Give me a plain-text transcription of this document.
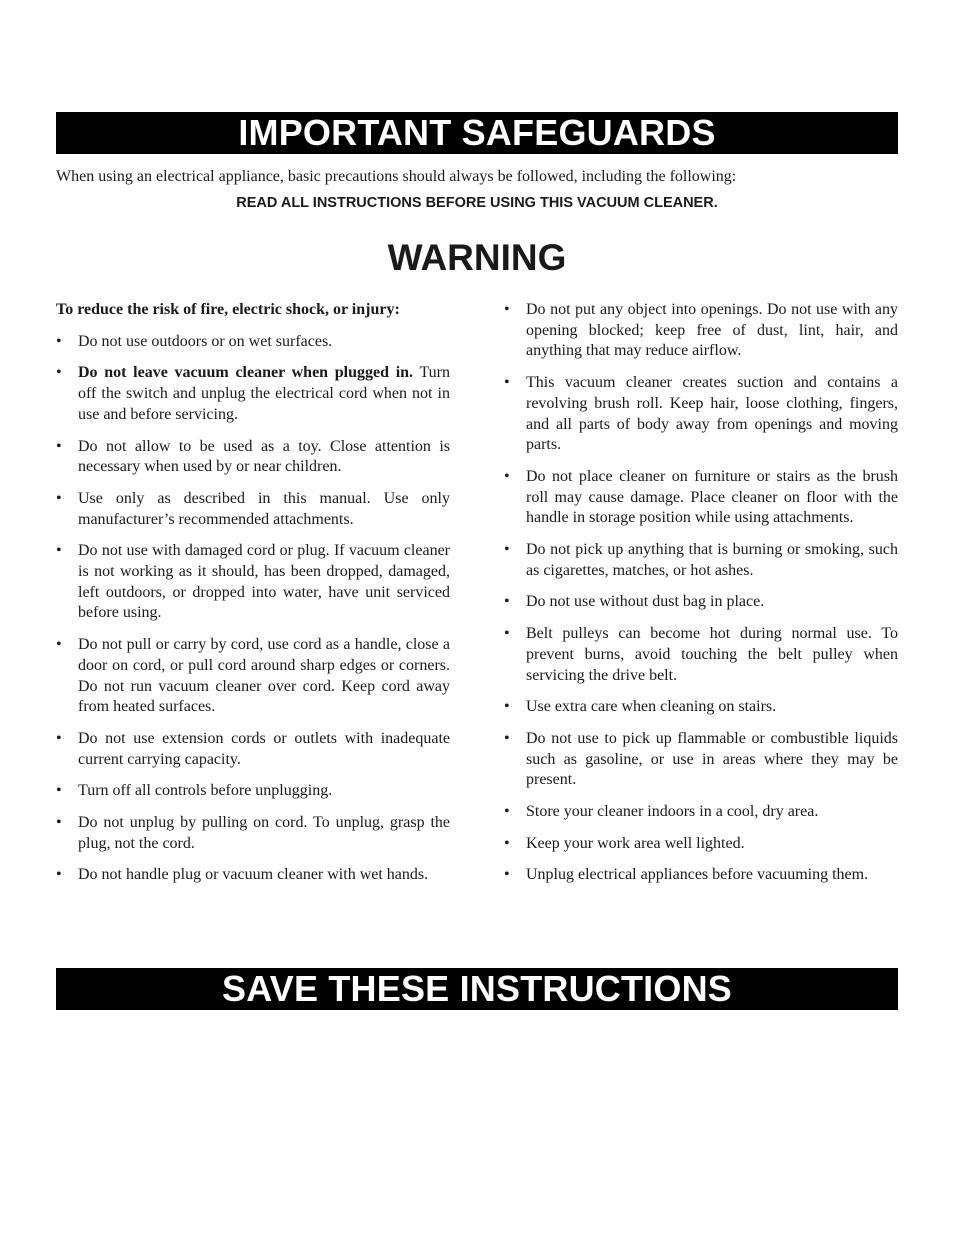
IMPORTANT SAFEGUARDS
When using an electrical appliance, basic precautions should always be followed, including the following:
READ ALL INSTRUCTIONS BEFORE USING THIS VACUUM CLEANER.
WARNING

To reduce the risk of fire, electric shock, or injury:

• Do not use outdoors or on wet surfaces.
• Do not leave vacuum cleaner when plugged in. Turn off the switch and unplug the electrical cord when not in use and before servicing.
• Do not allow to be used as a toy. Close attention is necessary when used by or near children.
• Use only as described in this manual. Use only manufacturer’s recommended attachments.
• Do not use with damaged cord or plug. If vacuum cleaner is not working as it should, has been dropped, damaged, left outdoors, or dropped into water, have unit serviced before using.
• Do not pull or carry by cord, use cord as a handle, close a door on cord, or pull cord around sharp edges or corners. Do not run vacuum cleaner over cord. Keep cord away from heated surfaces.
• Do not use extension cords or outlets with inadequate current carrying capacity.
• Turn off all controls before unplugging.
• Do not unplug by pulling on cord. To unplug, grasp the plug, not the cord.
• Do not handle plug or vacuum cleaner with wet hands.
• Do not put any object into openings. Do not use with any opening blocked; keep free of dust, lint, hair, and anything that may reduce airflow.
• This vacuum cleaner creates suction and contains a revolving brush roll. Keep hair, loose clothing, fingers, and all parts of body away from openings and moving parts.
• Do not place cleaner on furniture or stairs as the brush roll may cause damage. Place cleaner on floor with the handle in storage position while using attachments.
• Do not pick up anything that is burning or smoking, such as cigarettes, matches, or hot ashes.
• Do not use without dust bag in place.
• Belt pulleys can become hot during normal use. To prevent burns, avoid touching the belt pulley when servicing the drive belt.
• Use extra care when cleaning on stairs.
• Do not use to pick up flammable or combustible liquids such as gasoline, or use in areas where they may be present.
• Store your cleaner indoors in a cool, dry area.
• Keep your work area well lighted.
• Unplug electrical appliances before vacuuming them.
SAVE THESE INSTRUCTIONS
